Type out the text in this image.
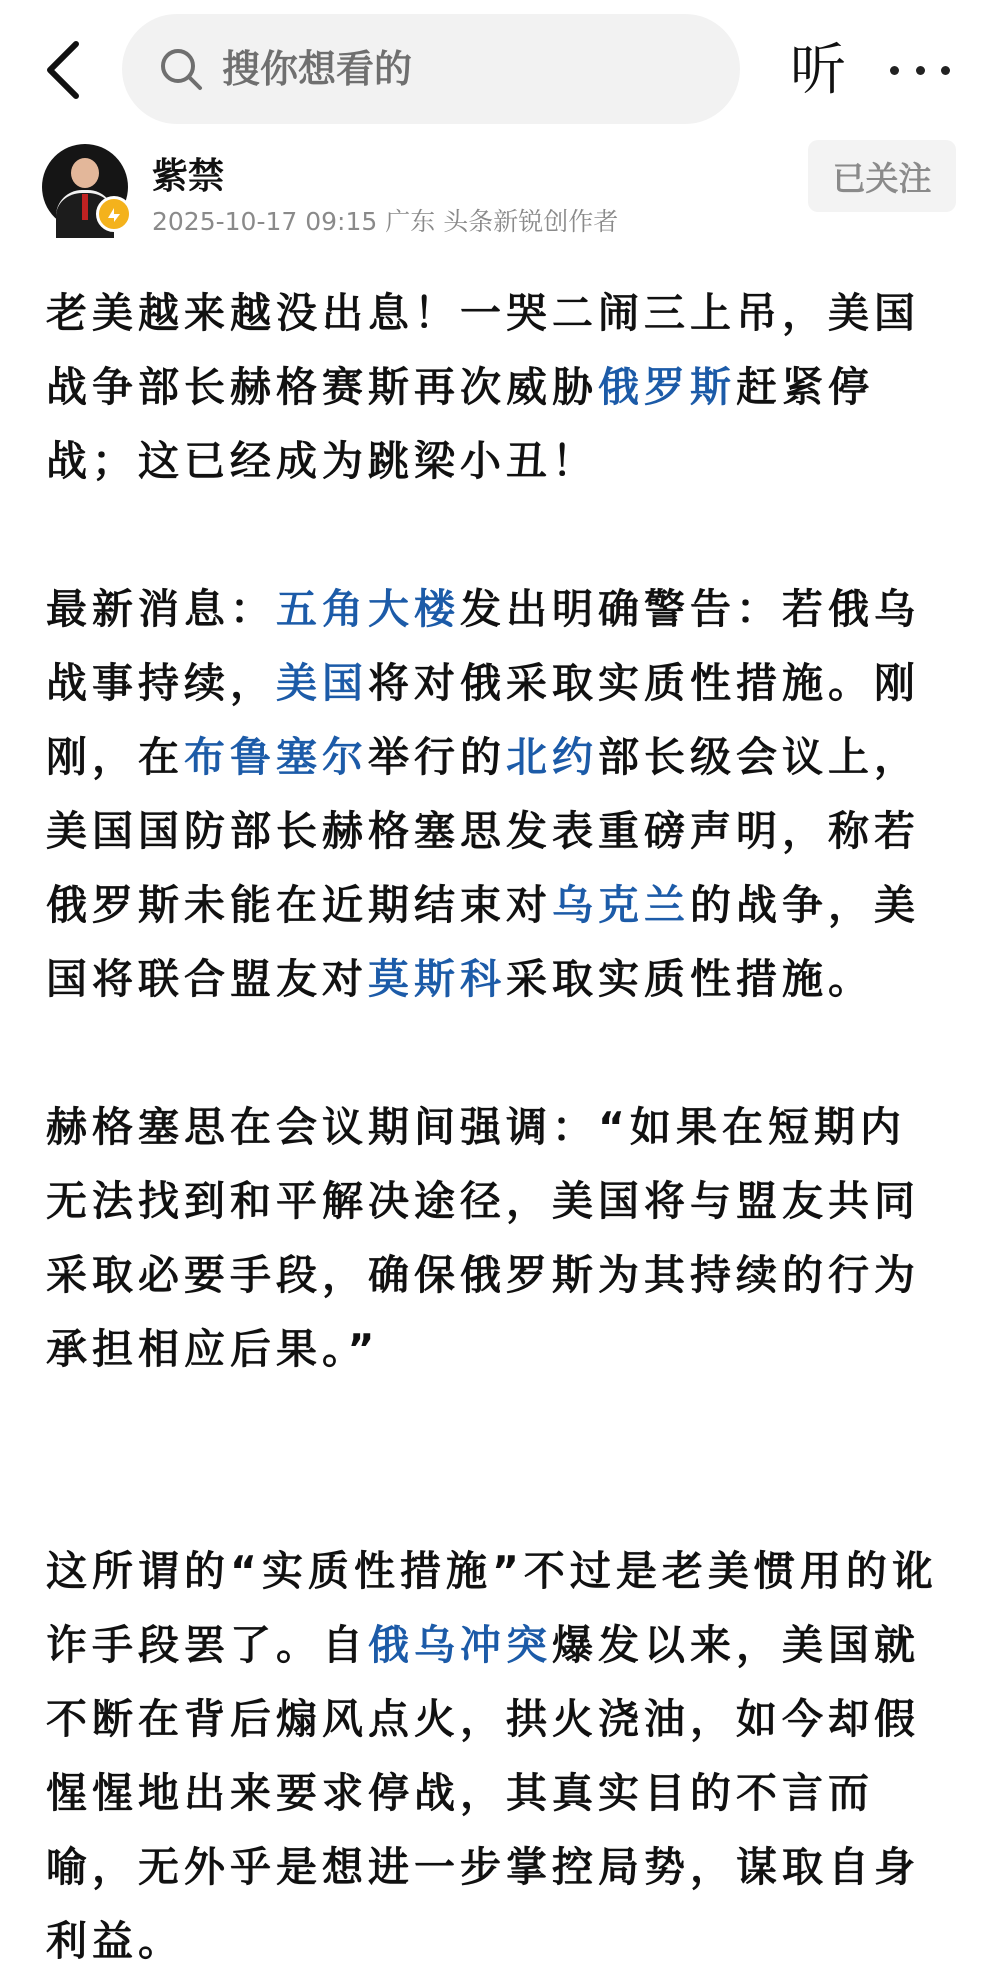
搜你想看的
听
紫禁
2025-10-17 09:15 广东 头条新锐创作者
已关注

老美越来越没出息！一哭二闹三上吊，美国战争部长赫格赛斯再次威胁俄罗斯赶紧停战；这已经成为跳梁小丑！

最新消息：五角大楼发出明确警告：若俄乌战事持续，美国将对俄采取实质性措施。刚刚，在布鲁塞尔举行的北约部长级会议上，美国国防部长赫格塞思发表重磅声明，称若俄罗斯未能在近期结束对乌克兰的战争，美国将联合盟友对莫斯科采取实质性措施。

赫格塞思在会议期间强调：“如果在短期内无法找到和平解决途径，美国将与盟友共同采取必要手段，确保俄罗斯为其持续的行为承担相应后果。”

这所谓的“实质性措施”不过是老美惯用的讹诈手段罢了。自俄乌冲突爆发以来，美国就不断在背后煽风点火，拱火浇油，如今却假惺惺地出来要求停战，其真实目的不言而喻，无外乎是想进一步掌控局势，谋取自身利益。
